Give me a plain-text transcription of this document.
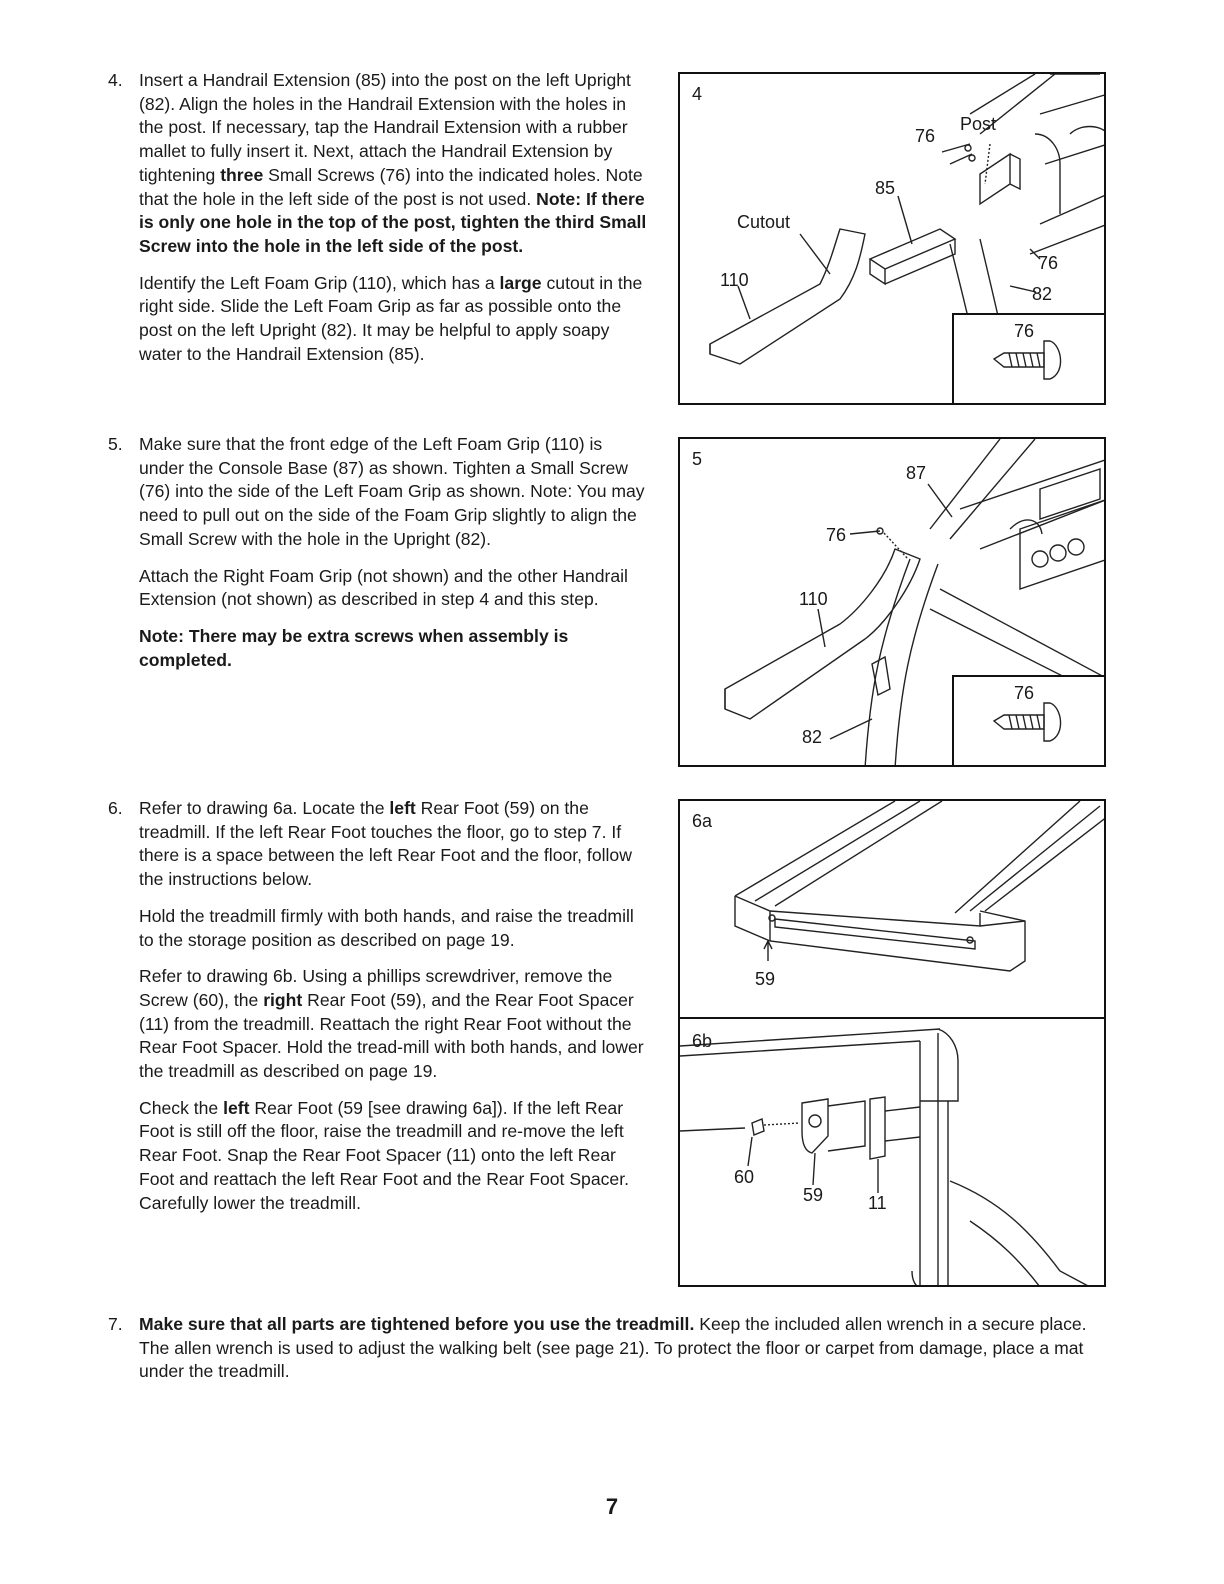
4. Insert a Handrail Extension (85) into the post on the left Upright (82). Align the holes in the Handrail Extension with the holes in the post. If necessary, tap the Handrail Extension with a rubber mallet to fully insert it. Next, attach the Handrail Extension by tightening three Small Screws (76) into the indicated holes. Note that the hole in the left side of the post is not used. Note: If there is only one hole in the top of the post, tighten the third Small Screw into the hole in the left side of the post.

Identify the Left Foam Grip (110), which has a large cutout in the right side. Slide the Left Foam Grip as far as possible onto the post on the left Upright (82). It may be helpful to apply soapy water to the Handrail Extension (85).

5. Make sure that the front edge of the Left Foam Grip (110) is under the Console Base (87) as shown. Tighten a Small Screw (76) into the side of the Left Foam Grip as shown. Note: You may need to pull out on the side of the Foam Grip slightly to align the Small Screw with the hole in the Upright (82).

Attach the Right Foam Grip (not shown) and the other Handrail Extension (not shown) as described in step 4 and this step.

Note: There may be extra screws when assembly is completed.

6. Refer to drawing 6a. Locate the left Rear Foot (59) on the treadmill. If the left Rear Foot touches the floor, go to step 7. If there is a space between the left Rear Foot and the floor, follow the instructions below.

Hold the treadmill firmly with both hands, and raise the treadmill to the storage position as described on page 19.

Refer to drawing 6b. Using a phillips screwdriver, remove the Screw (60), the right Rear Foot (59), and the Rear Foot Spacer (11) from the treadmill. Reattach the right Rear Foot without the Rear Foot Spacer. Hold the tread-mill with both hands, and lower the treadmill as described on page 19.

Check the left Rear Foot (59 [see drawing 6a]). If the left Rear Foot is still off the floor, raise the treadmill and re-move the left Rear Foot. Snap the Rear Foot Spacer (11) onto the left Rear Foot and reattach the left Rear Foot and the Rear Foot Spacer. Carefully lower the treadmill.

7. Make sure that all parts are tightened before you use the treadmill. Keep the included allen wrench in a secure place. The allen wrench is used to adjust the walking belt (see page 21). To protect the floor or carpet from damage, place a mat under the treadmill.

4
Post
76
85
Cutout
110
76
82
76
5
87
76
110
82
76
6a
59
6b
60
59 11
7
